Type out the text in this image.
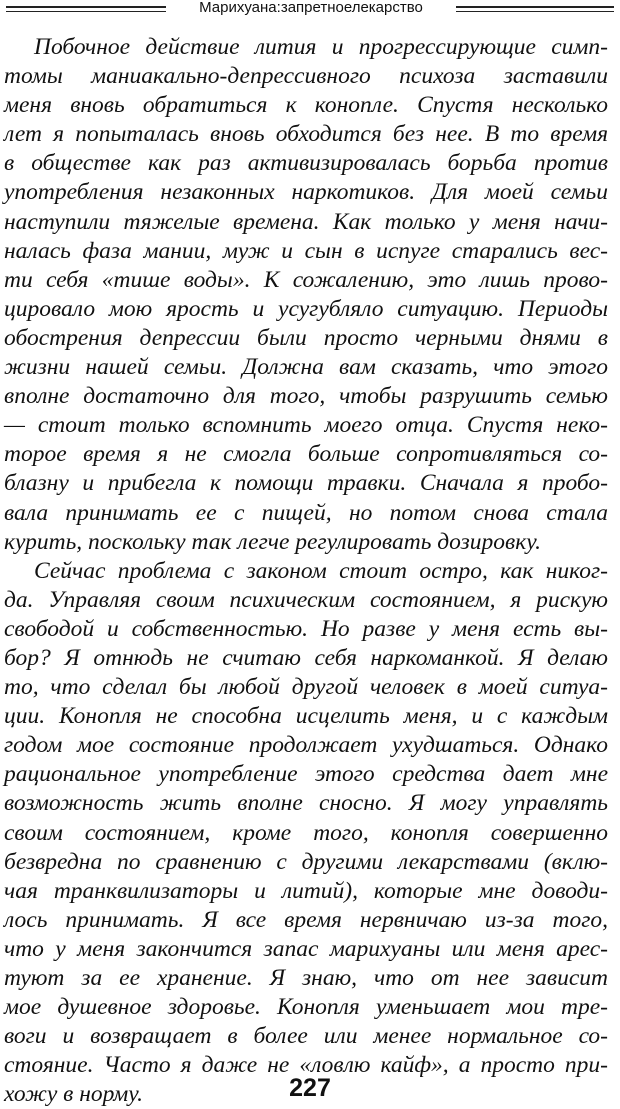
Марихуана:запретноелекарство
Побочное действие лития и прогрессирующие симп-
томы маниакально-депрессивного психоза заставили
меня вновь обратиться к конопле. Спустя несколько
лет я попыталась вновь обходится без нее. В то время
в обществе как раз активизировалась борьба против
употребления незаконных наркотиков. Для моей семьи
наступили тяжелые времена. Как только у меня начи-
налась фаза мании, муж и сын в испуге старались вес-
ти себя «тише воды». К сожалению, это лишь прово-
цировало мою ярость и усугубляло ситуацию. Периоды
обострения депрессии были просто черными днями в
жизни нашей семьи. Должна вам сказать, что этого
вполне достаточно для того, чтобы разрушить семью
— стоит только вспомнить моего отца. Спустя неко-
торое время я не смогла больше сопротивляться со-
блазну и прибегла к помощи травки. Сначала я пробо-
вала принимать ее с пищей, но потом снова стала
курить, поскольку так легче регулировать дозировку.
Сейчас проблема с законом стоит остро, как никог-
да. Управляя своим психическим состоянием, я рискую
свободой и собственностью. Но разве у меня есть вы-
бор? Я отнюдь не считаю себя наркоманкой. Я делаю
то, что сделал бы любой другой человек в моей ситуа-
ции. Конопля не способна исцелить меня, и с каждым
годом мое состояние продолжает ухудшаться. Однако
рациональное употребление этого средства дает мне
возможность жить вполне сносно. Я могу управлять
своим состоянием, кроме того, конопля совершенно
безвредна по сравнению с другими лекарствами (вклю-
чая транквилизаторы и литий), которые мне доводи-
лось принимать. Я все время нервничаю из-за того,
что у меня закончится запас марихуаны или меня арес-
туют за ее хранение. Я знаю, что от нее зависит
мое душевное здоровье. Конопля уменьшает мои тре-
воги и возвращает в более или менее нормальное со-
стояние. Часто я даже не «ловлю кайф», а просто при-
хожу в норму.	227
